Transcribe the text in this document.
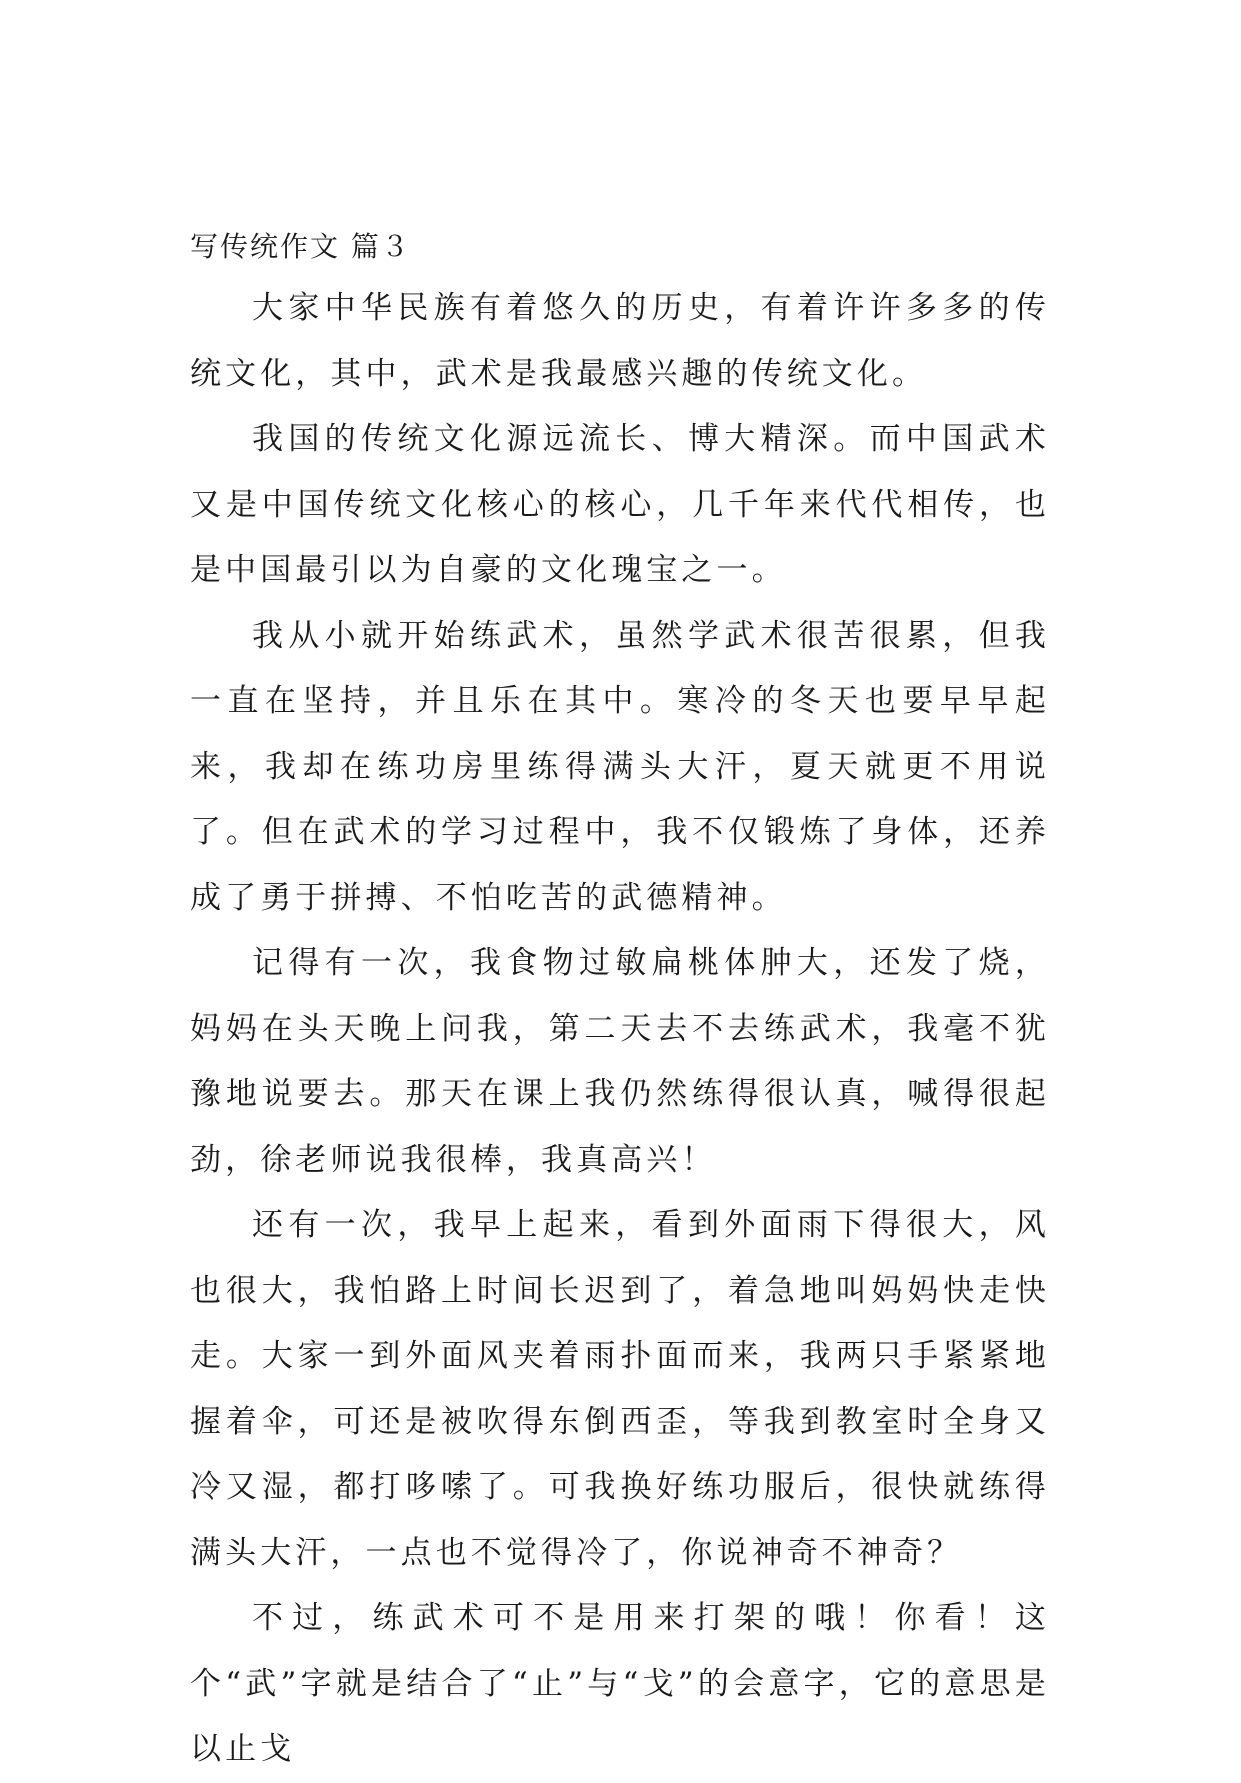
写传统作文 篇３

大家中华民族有着悠久的历史，有着许许多多的传统文化，其中，武术是我最感兴趣的传统文化。

我国的传统文化源远流长、博大精深。而中国武术又是中国传统文化核心的核心，几千年来代代相传，也是中国最引以为自豪的文化瑰宝之一。

我从小就开始练武术，虽然学武术很苦很累，但我一直在坚持，并且乐在其中。寒冷的冬天也要早早起来，我却在练功房里练得满头大汗，夏天就更不用说了。但在武术的学习过程中，我不仅锻炼了身体，还养成了勇于拼搏、不怕吃苦的武德精神。

记得有一次，我食物过敏扁桃体肿大，还发了烧，妈妈在头天晚上问我，第二天去不去练武术，我毫不犹豫地说要去。那天在课上我仍然练得很认真，喊得很起劲，徐老师说我很棒，我真高兴！

还有一次，我早上起来，看到外面雨下得很大，风也很大，我怕路上时间长迟到了，着急地叫妈妈快走快走。大家一到外面风夹着雨扑面而来，我两只手紧紧地握着伞，可还是被吹得东倒西歪，等我到教室时全身又冷又湿，都打哆嗦了。可我换好练功服后，很快就练得满头大汗，一点也不觉得冷了，你说神奇不神奇？

不过，练武术可不是用来打架的哦！你看！这个“武”字就是结合了“止”与“戈”的会意字，它的意思是以止戈
